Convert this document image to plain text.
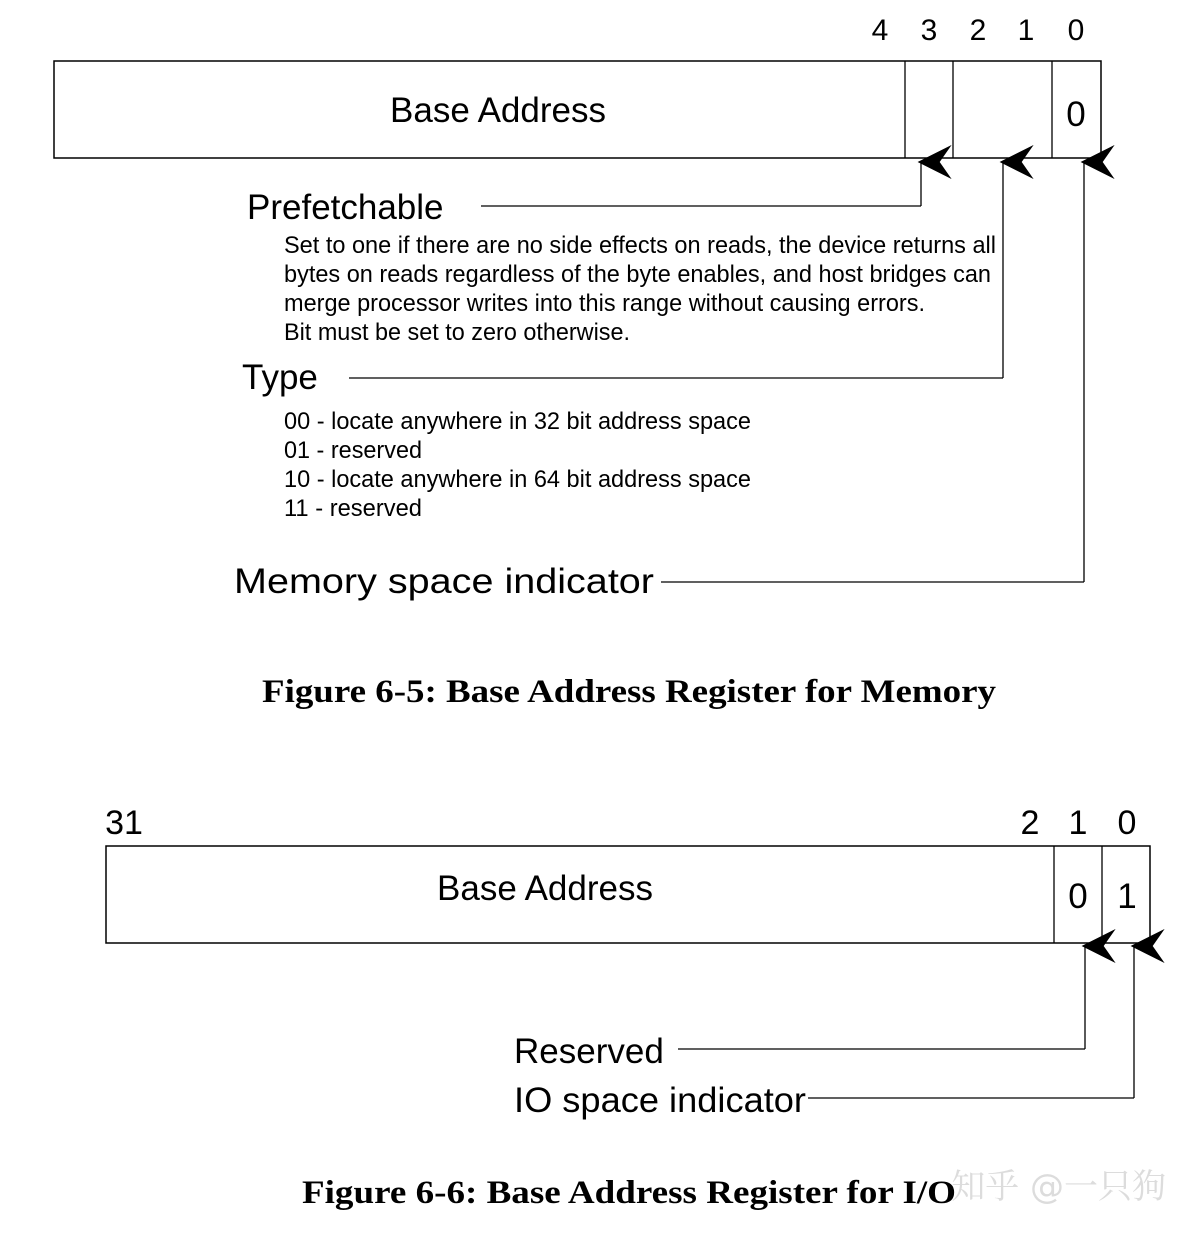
4 3 2 1 0
Base Address	0
Prefetchable
Set to one if there are no side effects on reads, the device returns all
bytes on reads regardless of the byte enables, and host bridges can
merge processor writes into this range without causing errors.
Bit must be set to zero otherwise.
Type
00 - locate anywhere in 32 bit address space
01 - reserved
10 - locate anywhere in 64 bit address space
11 - reserved
Memory space indicator
Figure 6-5: Base Address Register for Memory
31	2 1 0
Base Address	0 1
Reserved
IO space indicator
Figure 6-6: Base Address Register for I/O
知乎 @一只狗
